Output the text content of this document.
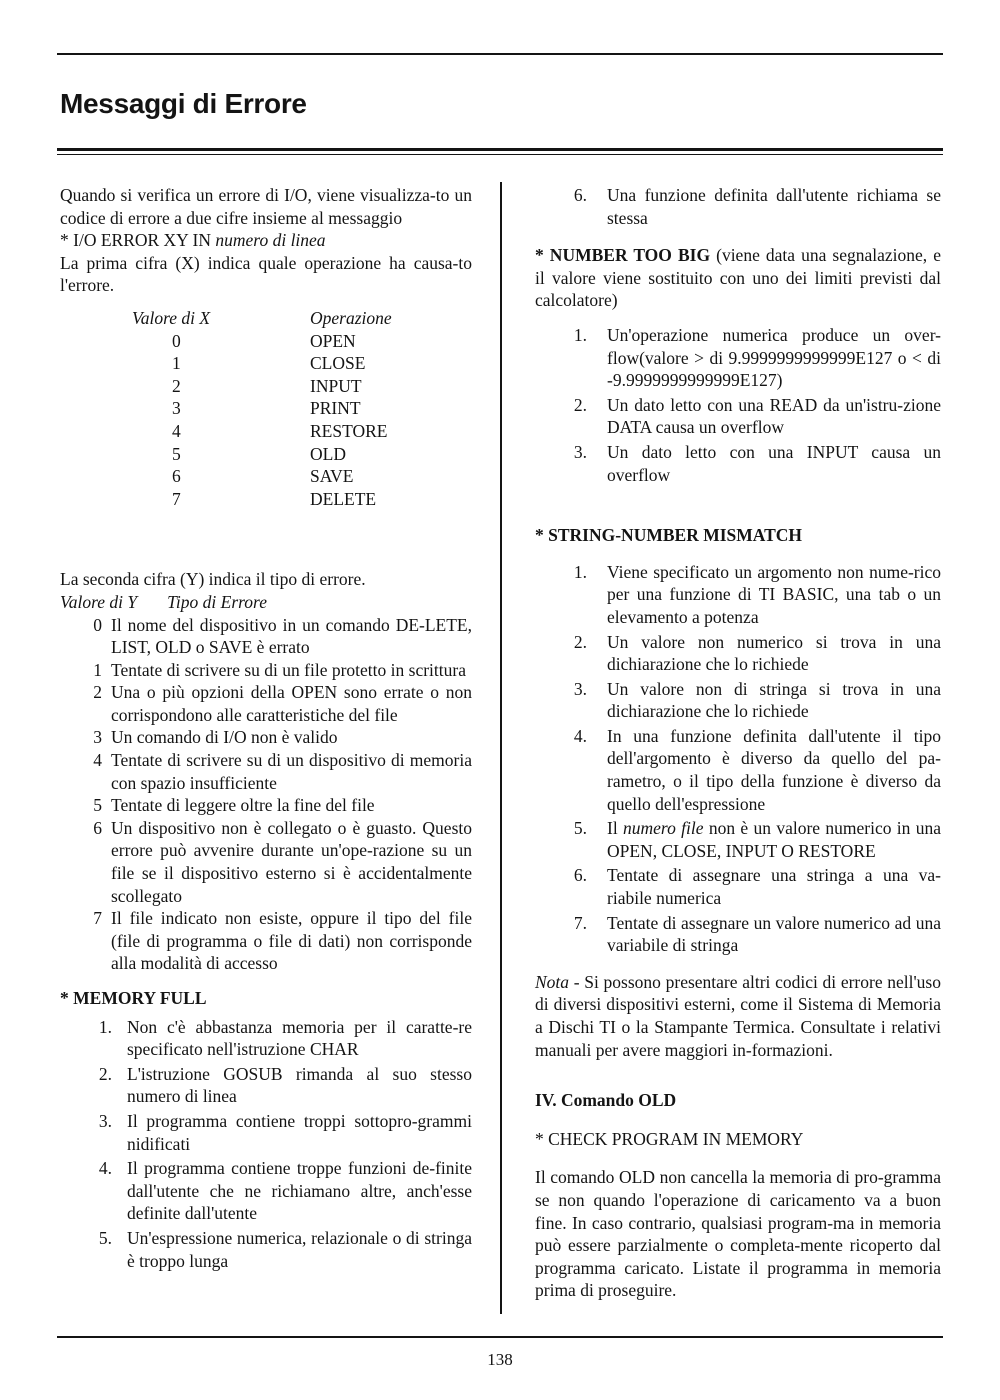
Messaggi di Errore

Quando si verifica un errore di I/O, viene visualizza-to un codice di errore a due cifre insieme al messaggio
* I/O ERROR XY IN numero di linea
La prima cifra (X) indica quale operazione ha causa-to l'errore.

Valore di X	Operazione
0	OPEN
1	CLOSE
2	INPUT
3	PRINT
4	RESTORE
5	OLD
6	SAVE
7	DELETE

La seconda cifra (Y) indica il tipo di errore.

Valore di Y Tipo di Errore

0 Il nome del dispositivo in un comando DE-LETE, LIST, OLD o SAVE è errato
1 Tentate di scrivere su di un file protetto in scrittura
2 Una o più opzioni della OPEN sono errate o non corrispondono alle caratteristiche del file
3 Un comando di I/O non è valido
4 Tentate di scrivere su di un dispositivo di memoria con spazio insufficiente
5 Tentate di leggere oltre la fine del file
6 Un dispositivo non è collegato o è guasto. Questo errore può avvenire durante un'ope-razione su un file se il dispositivo esterno si è accidentalmente scollegato
7 Il file indicato non esiste, oppure il tipo del file (file di programma o file di dati) non corrisponde alla modalità di accesso

* MEMORY FULL

1. Non c'è abbastanza memoria per il caratte-re specificato nell'istruzione CHAR
2. L'istruzione GOSUB rimanda al suo stesso numero di linea
3. Il programma contiene troppi sottopro-grammi nidificati
4. Il programma contiene troppe funzioni de-finite dall'utente che ne richiamano altre, anch'esse definite dall'utente
5. Un'espressione numerica, relazionale o di stringa è troppo lunga
6.	Una funzione definita dall'utente richiama se stessa

* NUMBER TOO BIG (viene data una segnalazione, e il valore viene sostituito con uno dei limiti previsti dal calcolatore)

1.	Un'operazione numerica produce un over-flow(valore > di 9.9999999999999E127 o < di -9.9999999999999E127)
2.	Un dato letto con una READ da un'istru-zione DATA causa un overflow
3.	Un dato letto con una INPUT causa un overflow

* STRING-NUMBER MISMATCH

1.	Viene specificato un argomento non nume-rico per una funzione di TI BASIC, una tab o un elevamento a potenza
2.	Un valore non numerico si trova in una dichiarazione che lo richiede
3.	Un valore non di stringa si trova in una dichiarazione che lo richiede
4.	In una funzione definita dall'utente il tipo dell'argomento è diverso da quello del pa-rametro, o il tipo della funzione è diverso da quello dell'espressione
5.	Il numero file non è un valore numerico in una OPEN, CLOSE, INPUT O RESTORE
6.	Tentate di assegnare una stringa a una va-riabile numerica
7.	Tentate di assegnare un valore numerico ad una variabile di stringa

Nota - Si possono presentare altri codici di errore nell'uso di diversi dispositivi esterni, come il Sistema di Memoria a Dischi TI o la Stampante Termica. Consultate i relativi manuali per avere maggiori in-formazioni.

IV. Comando OLD

* CHECK PROGRAM IN MEMORY

Il comando OLD non cancella la memoria di pro-gramma se non quando l'operazione di caricamento va a buon fine. In caso contrario, qualsiasi program-ma in memoria può essere parzialmente o completa-mente ricoperto dal programma caricato. Listate il programma in memoria prima di proseguire.

138
